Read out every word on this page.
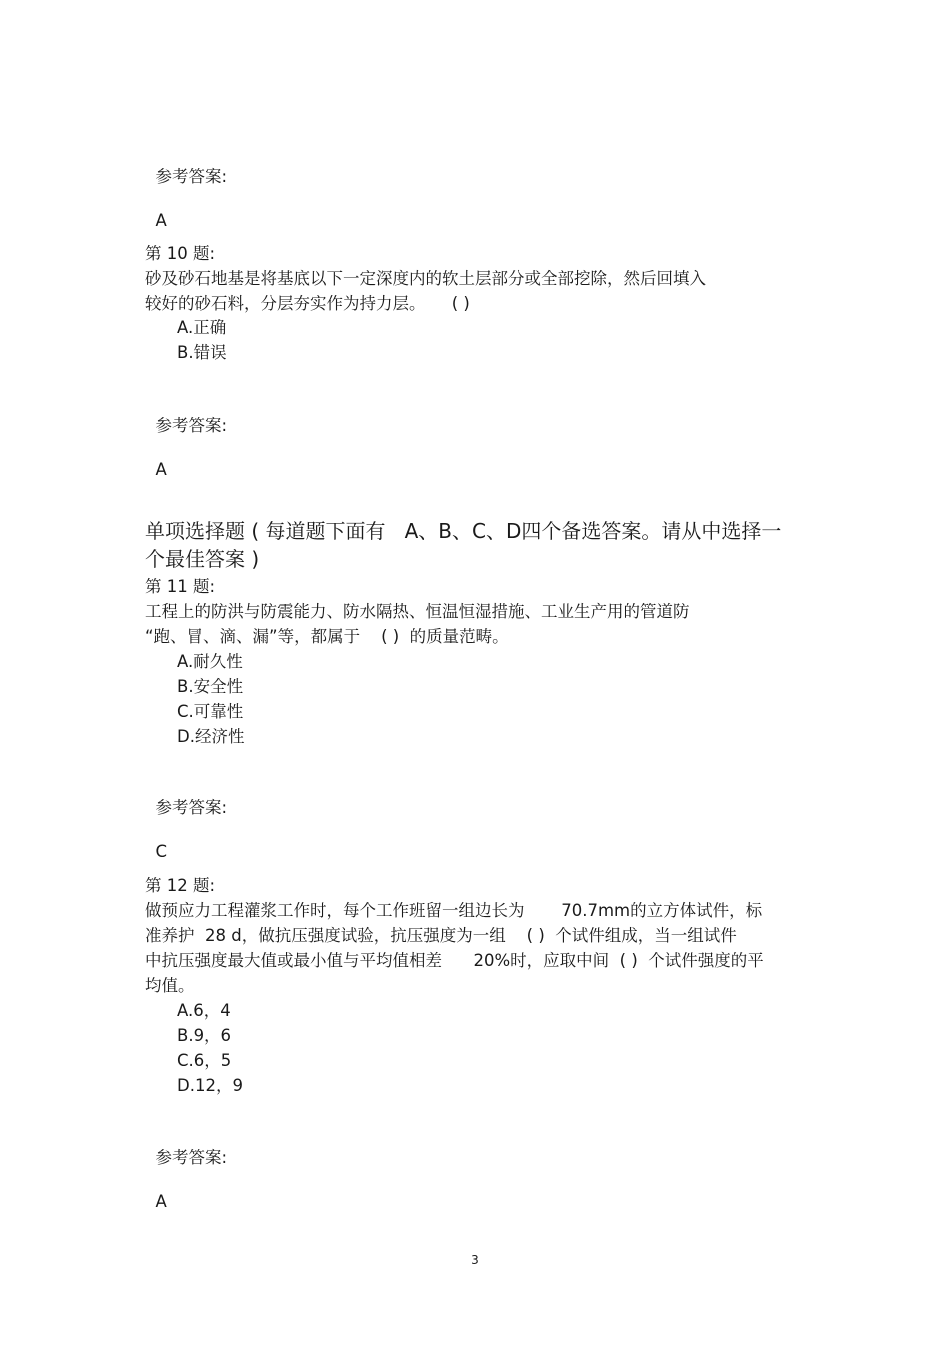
参考答案:

A

第 10 题:
砂及砂石地基是将基底以下一定深度内的软土层部分或全部挖除，然后回填入
较好的砂石料，分层夯实作为持力层。     ( )
A.正确
B.错误

参考答案:

A

单项选择题 ( 每道题下面有   A、B、C、D四个备选答案。请从中选择一
个最佳答案 )
第 11 题:
工程上的防洪与防震能力、防水隔热、恒温恒湿措施、工业生产用的管道防
“跑、冒、滴、漏”等，都属于    ( )  的质量范畴。
A.耐久性
B.安全性
C.可靠性
D.经济性

参考答案:

C

第 12 题:
做预应力工程灌浆工作时，每个工作班留一组边长为       70.7mm的立方体试件，标
准养护  28 d，做抗压强度试验，抗压强度为一组    ( )  个试件组成，当一组试件
中抗压强度最大值或最小值与平均值相差      20%时，应取中间  ( )  个试件强度的平
均值。
A.6，4
B.9，6
C.6，5
D.12，9

参考答案:

A

3
